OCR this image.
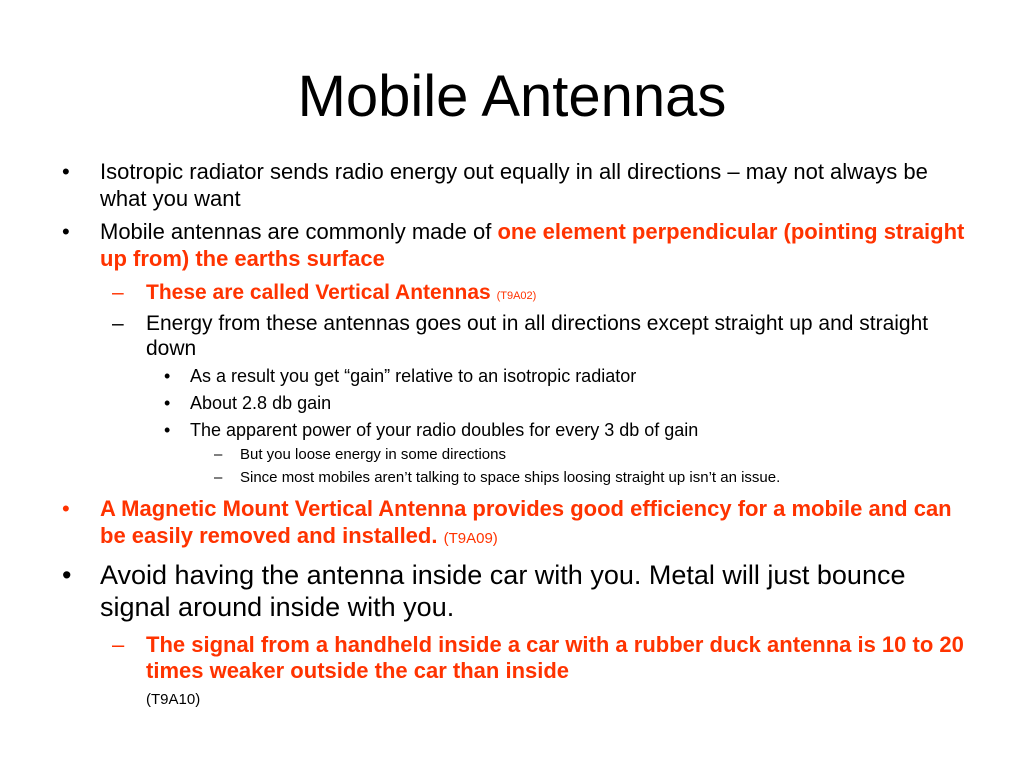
Mobile Antennas
•	Isotropic radiator sends radio energy out equally in all directions – may not always be what you want
•	Mobile antennas are commonly made of one element perpendicular (pointing straight up from) the earths surface
–	These are called Vertical Antennas (T9A02)
–	Energy from these antennas goes out in all directions except straight up and straight down
•	As a result you get “gain” relative to an isotropic radiator
•	About 2.8 db gain
•	The apparent power of your radio doubles for every 3 db of gain
–	But you loose energy in some directions
–	Since most mobiles aren’t talking to space ships loosing straight up isn’t an issue.
•	A Magnetic Mount Vertical Antenna provides good efficiency for a mobile and can be easily removed and installed. (T9A09)
•	Avoid having the antenna inside car with you. Metal will just bounce signal around inside with you.
– The signal from a handheld inside a car with a rubber duck antenna is 10 to 20 times weaker outside the car than inside
(T9A10)
